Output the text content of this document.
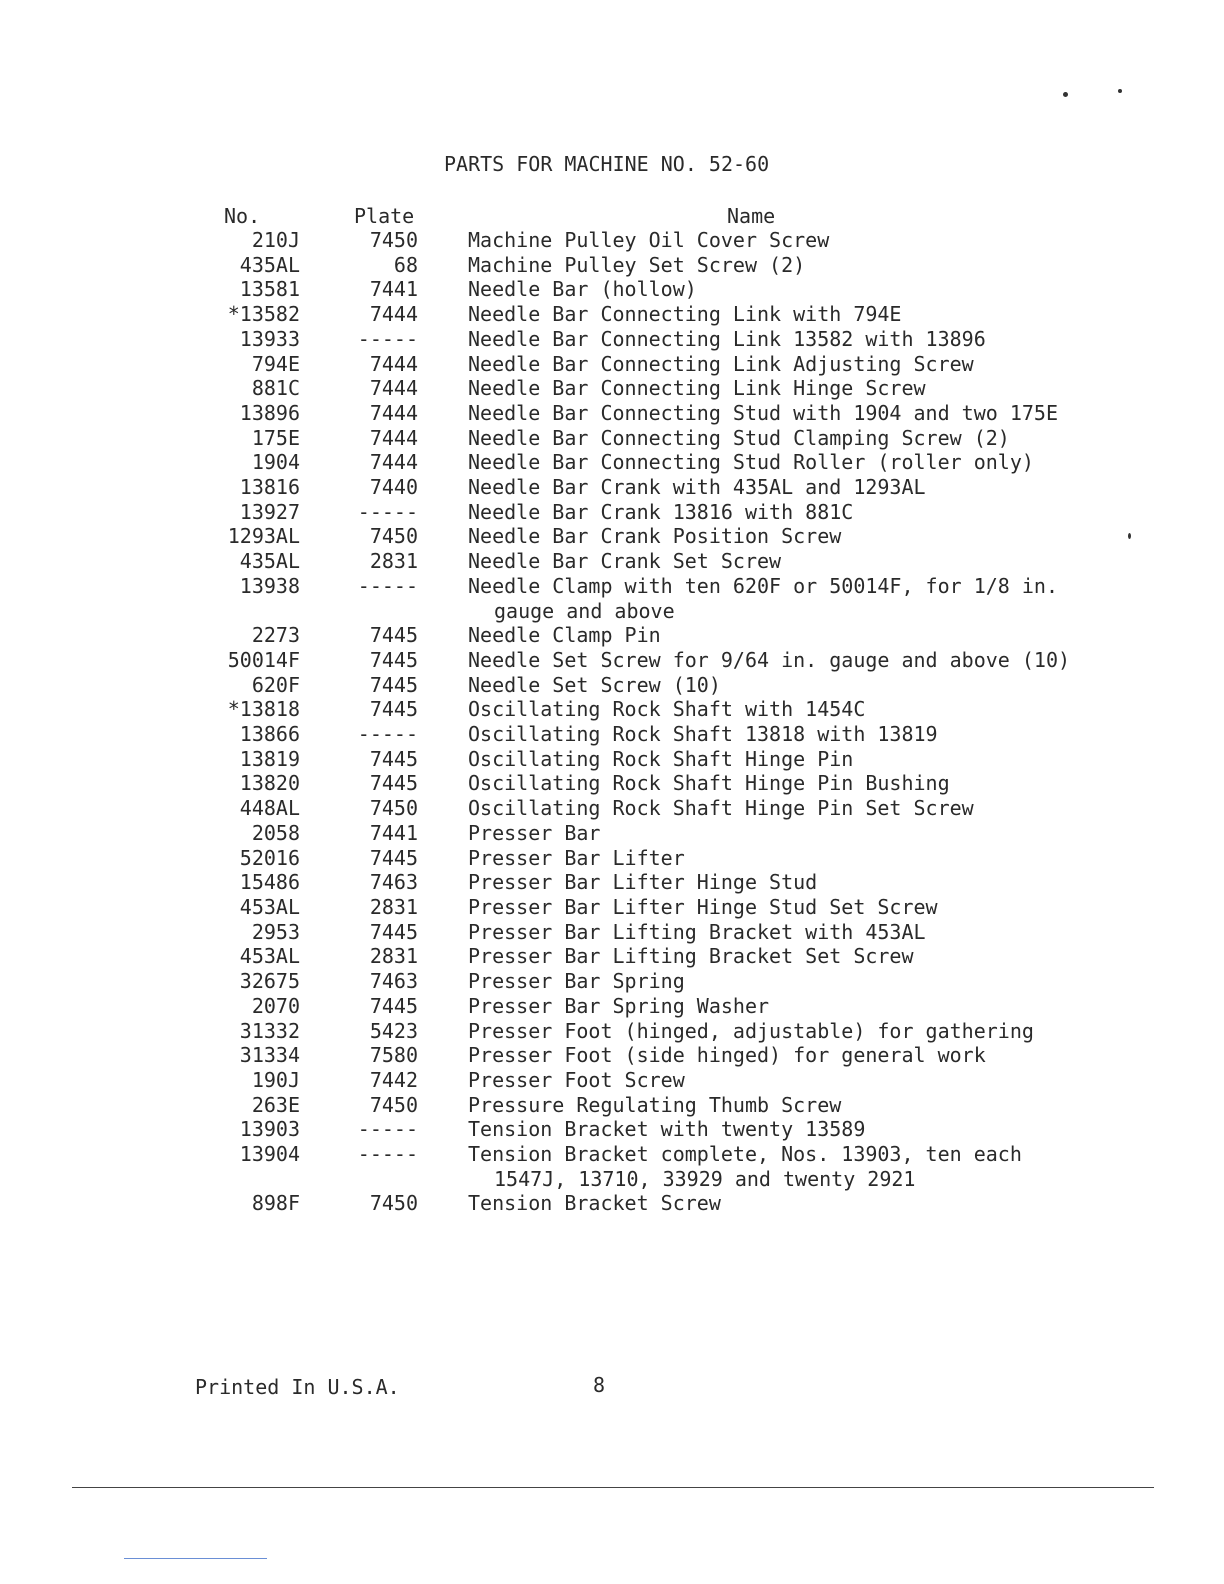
PARTS FOR MACHINE NO. 52-60
No.	Plate	Name
210J	7450	Machine Pulley Oil Cover Screw
435AL	68	Machine Pulley Set Screw (2)
13581	7441	Needle Bar (hollow)
*13582	7444	Needle Bar Connecting Link with 794E
13933	-----	Needle Bar Connecting Link 13582 with 13896
794E	7444	Needle Bar Connecting Link Adjusting Screw
881C	7444	Needle Bar Connecting Link Hinge Screw
13896	7444	Needle Bar Connecting Stud with 1904 and two 175E
175E	7444	Needle Bar Connecting Stud Clamping Screw (2)
1904	7444	Needle Bar Connecting Stud Roller (roller only)
13816	7440	Needle Bar Crank with 435AL and 1293AL
13927	-----	Needle Bar Crank 13816 with 881C
1293AL	7450	Needle Bar Crank Position Screw
435AL	2831	Needle Bar Crank Set Screw
13938	-----	Needle Clamp with ten 620F or 50014F, for 1/8 in. gauge and above
2273	7445	Needle Clamp Pin
50014F	7445	Needle Set Screw for 9/64 in. gauge and above (10)
620F	7445	Needle Set Screw (10)
*13818	7445	Oscillating Rock Shaft with 1454C
13866	-----	Oscillating Rock Shaft 13818 with 13819
13819	7445	Oscillating Rock Shaft Hinge Pin
13820	7445	Oscillating Rock Shaft Hinge Pin Bushing
448AL	7450	Oscillating Rock Shaft Hinge Pin Set Screw
2058	7441	Presser Bar
52016	7445	Presser Bar Lifter
15486	7463	Presser Bar Lifter Hinge Stud
453AL	2831	Presser Bar Lifter Hinge Stud Set Screw
2953	7445	Presser Bar Lifting Bracket with 453AL
453AL	2831	Presser Bar Lifting Bracket Set Screw
32675	7463	Presser Bar Spring
2070	7445	Presser Bar Spring Washer
31332	5423	Presser Foot (hinged, adjustable) for gathering
31334	7580	Presser Foot (side hinged) for general work
190J	7442	Presser Foot Screw
263E	7450	Pressure Regulating Thumb Screw
13903	-----	Tension Bracket with twenty 13589
13904	-----	Tension Bracket complete, Nos. 13903, ten each 1547J, 13710, 33929 and twenty 2921
898F	7450	Tension Bracket Screw
Printed In U.S.A.	8
